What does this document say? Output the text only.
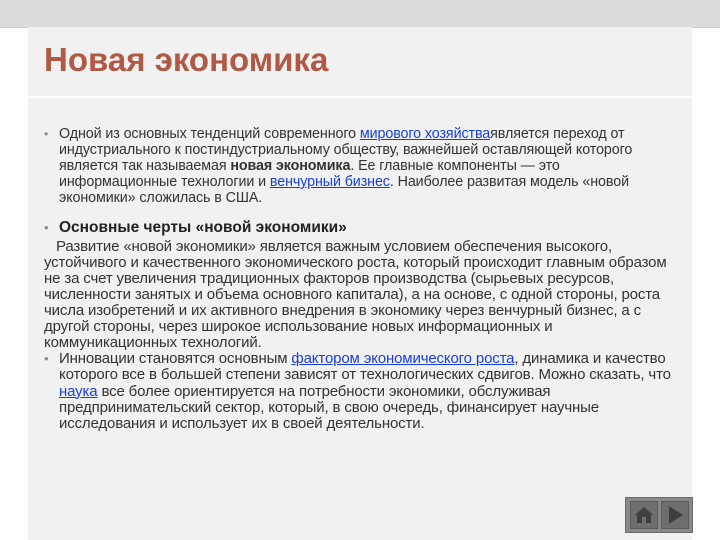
Новая экономика
• Одной из основных тенденций современного мирового хозяйстваявляется переход от индустриального к постиндустриальному обществу, важнейшей оставляющей которого является так называемая новая экономика. Ее главные компоненты — это информационные технологии и венчурный бизнес. Наиболее развитая модель «новой экономики» сложилась в США.
• Основные черты «новой экономики»

Развитие «новой экономики» является важным условием обеспечения высокого, устойчивого и качественного экономического роста, который происходит главным образом не за счет увеличения традиционных факторов производства (сырьевых ресурсов, численности занятых и объема основного капитала), а на основе, с одной стороны, роста числа изобретений и их активного внедрения в экономику через венчурный бизнес, а с другой стороны, через широкое использование новых информационных и коммуникационных технологий.

• Инновации становятся основным фактором экономического роста, динамика и качество которого все в большей степени зависят от технологических сдвигов. Можно сказать, что наука все более ориентируется на потребности экономики, обслуживая предпринимательский сектор, который, в свою очередь, финансирует научные исследования и использует их в своей деятельности.
